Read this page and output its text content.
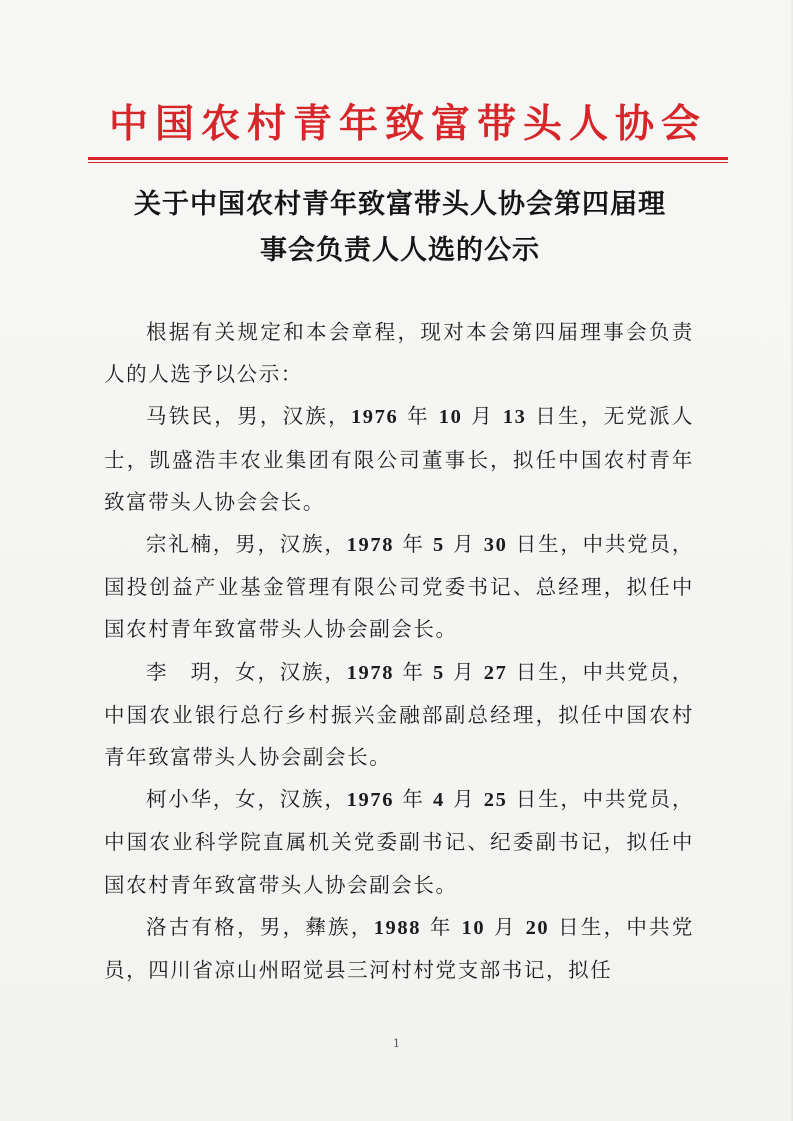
中国农村青年致富带头人协会
关于中国农村青年致富带头人协会第四届理
事会负责人人选的公示

根据有关规定和本会章程，现对本会第四届理事会负责人的人选予以公示：

马铁民，男，汉族，1976 年 10 月 13 日生，无党派人士，凯盛浩丰农业集团有限公司董事长，拟任中国农村青年致富带头人协会会长。

宗礼楠，男，汉族，1978 年 5 月 30 日生，中共党员，国投创益产业基金管理有限公司党委书记、总经理，拟任中国农村青年致富带头人协会副会长。

李　玥，女，汉族，1978 年 5 月 27 日生，中共党员，中国农业银行总行乡村振兴金融部副总经理，拟任中国农村青年致富带头人协会副会长。

柯小华，女，汉族，1976 年 4 月 25 日生，中共党员，中国农业科学院直属机关党委副书记、纪委副书记，拟任中国农村青年致富带头人协会副会长。

洛古有格，男，彝族，1988 年 10 月 20 日生，中共党员，四川省凉山州昭觉县三河村村党支部书记，拟任

1
